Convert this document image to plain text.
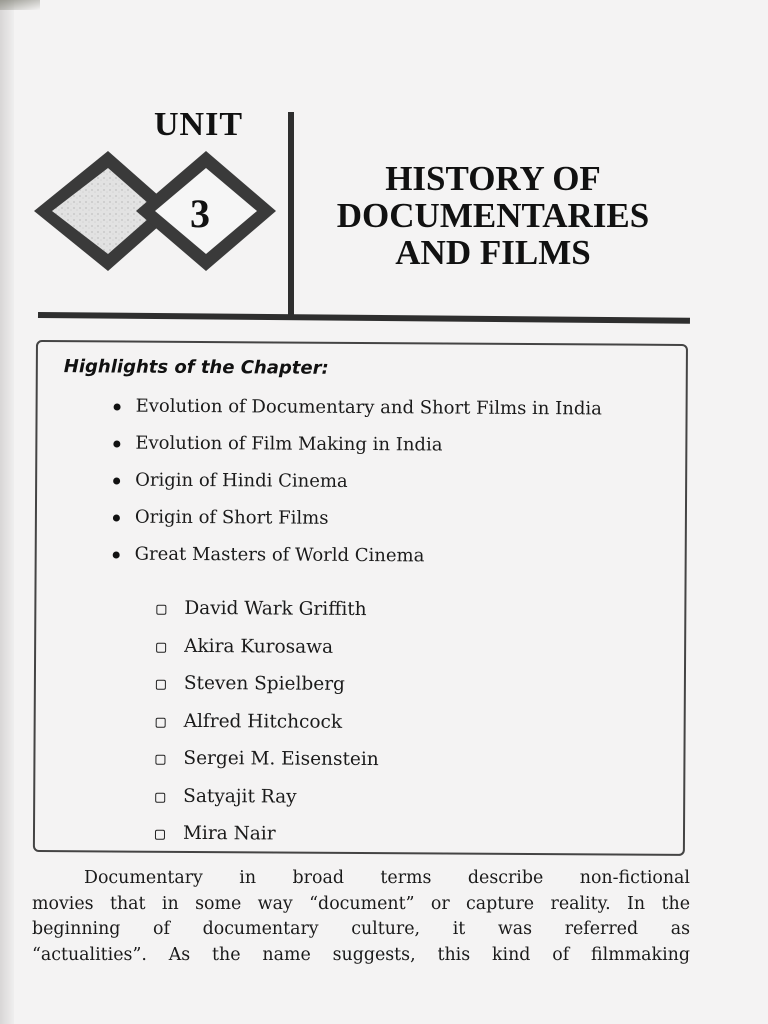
UNIT
3
HISTORY OF
DOCUMENTARIES
AND FILMS
Highlights of the Chapter:
Evolution of Documentary and Short Films in India
Evolution of Film Making in India
Origin of Hindi Cinema
Origin of Short Films
Great Masters of World Cinema
David Wark Griffith
Akira Kurosawa
Steven Spielberg
Alfred Hitchcock
Sergei M. Eisenstein
Satyajit Ray
Mira Nair
Documentary in broad terms describe non-fictional
movies that in some way “document” or capture reality. In the
beginning of documentary culture, it was referred as
“actualities”. As the name suggests, this kind of filmmaking
